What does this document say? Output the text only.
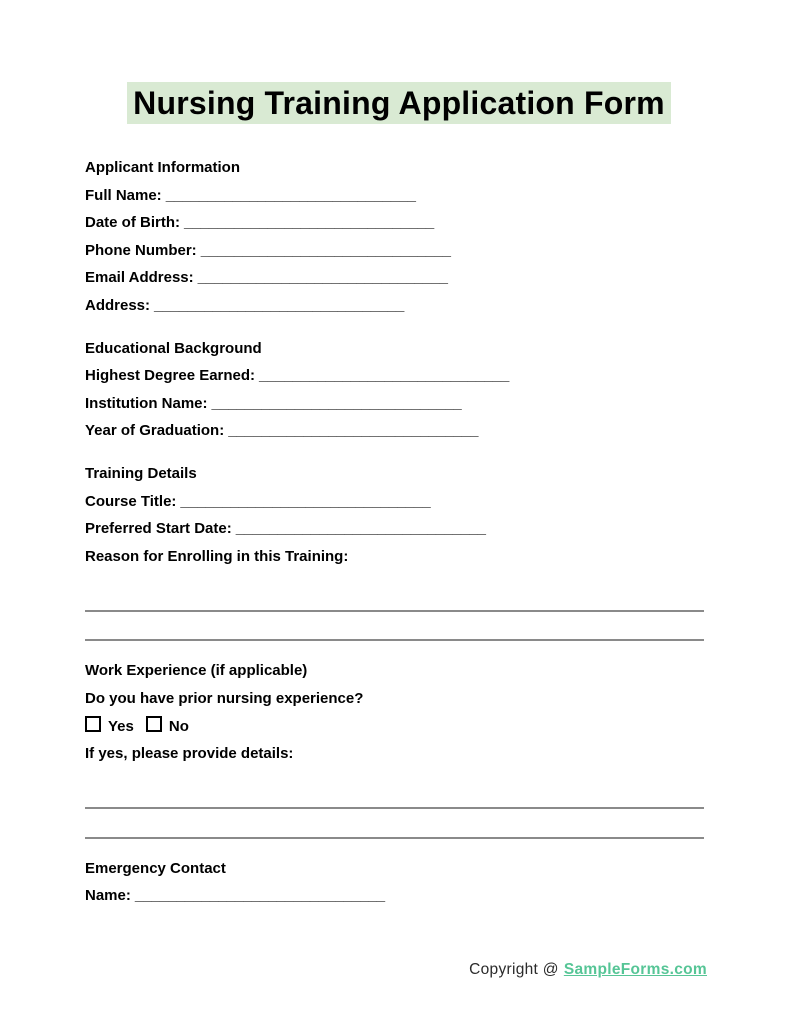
Nursing Training Application Form

Applicant Information

Full Name: ______________________________

Date of Birth: ______________________________

Phone Number: ______________________________

Email Address: ______________________________

Address: ______________________________

Educational Background

Highest Degree Earned: ______________________________

Institution Name: ______________________________

Year of Graduation: ______________________________

Training Details

Course Title: ______________________________

Preferred Start Date: ______________________________

Reason for Enrolling in this Training:

Work Experience (if applicable)

Do you have prior nursing experience?

Yes No

If yes, please provide details:

Emergency Contact

Name: ______________________________

Copyright @ SampleForms.com
